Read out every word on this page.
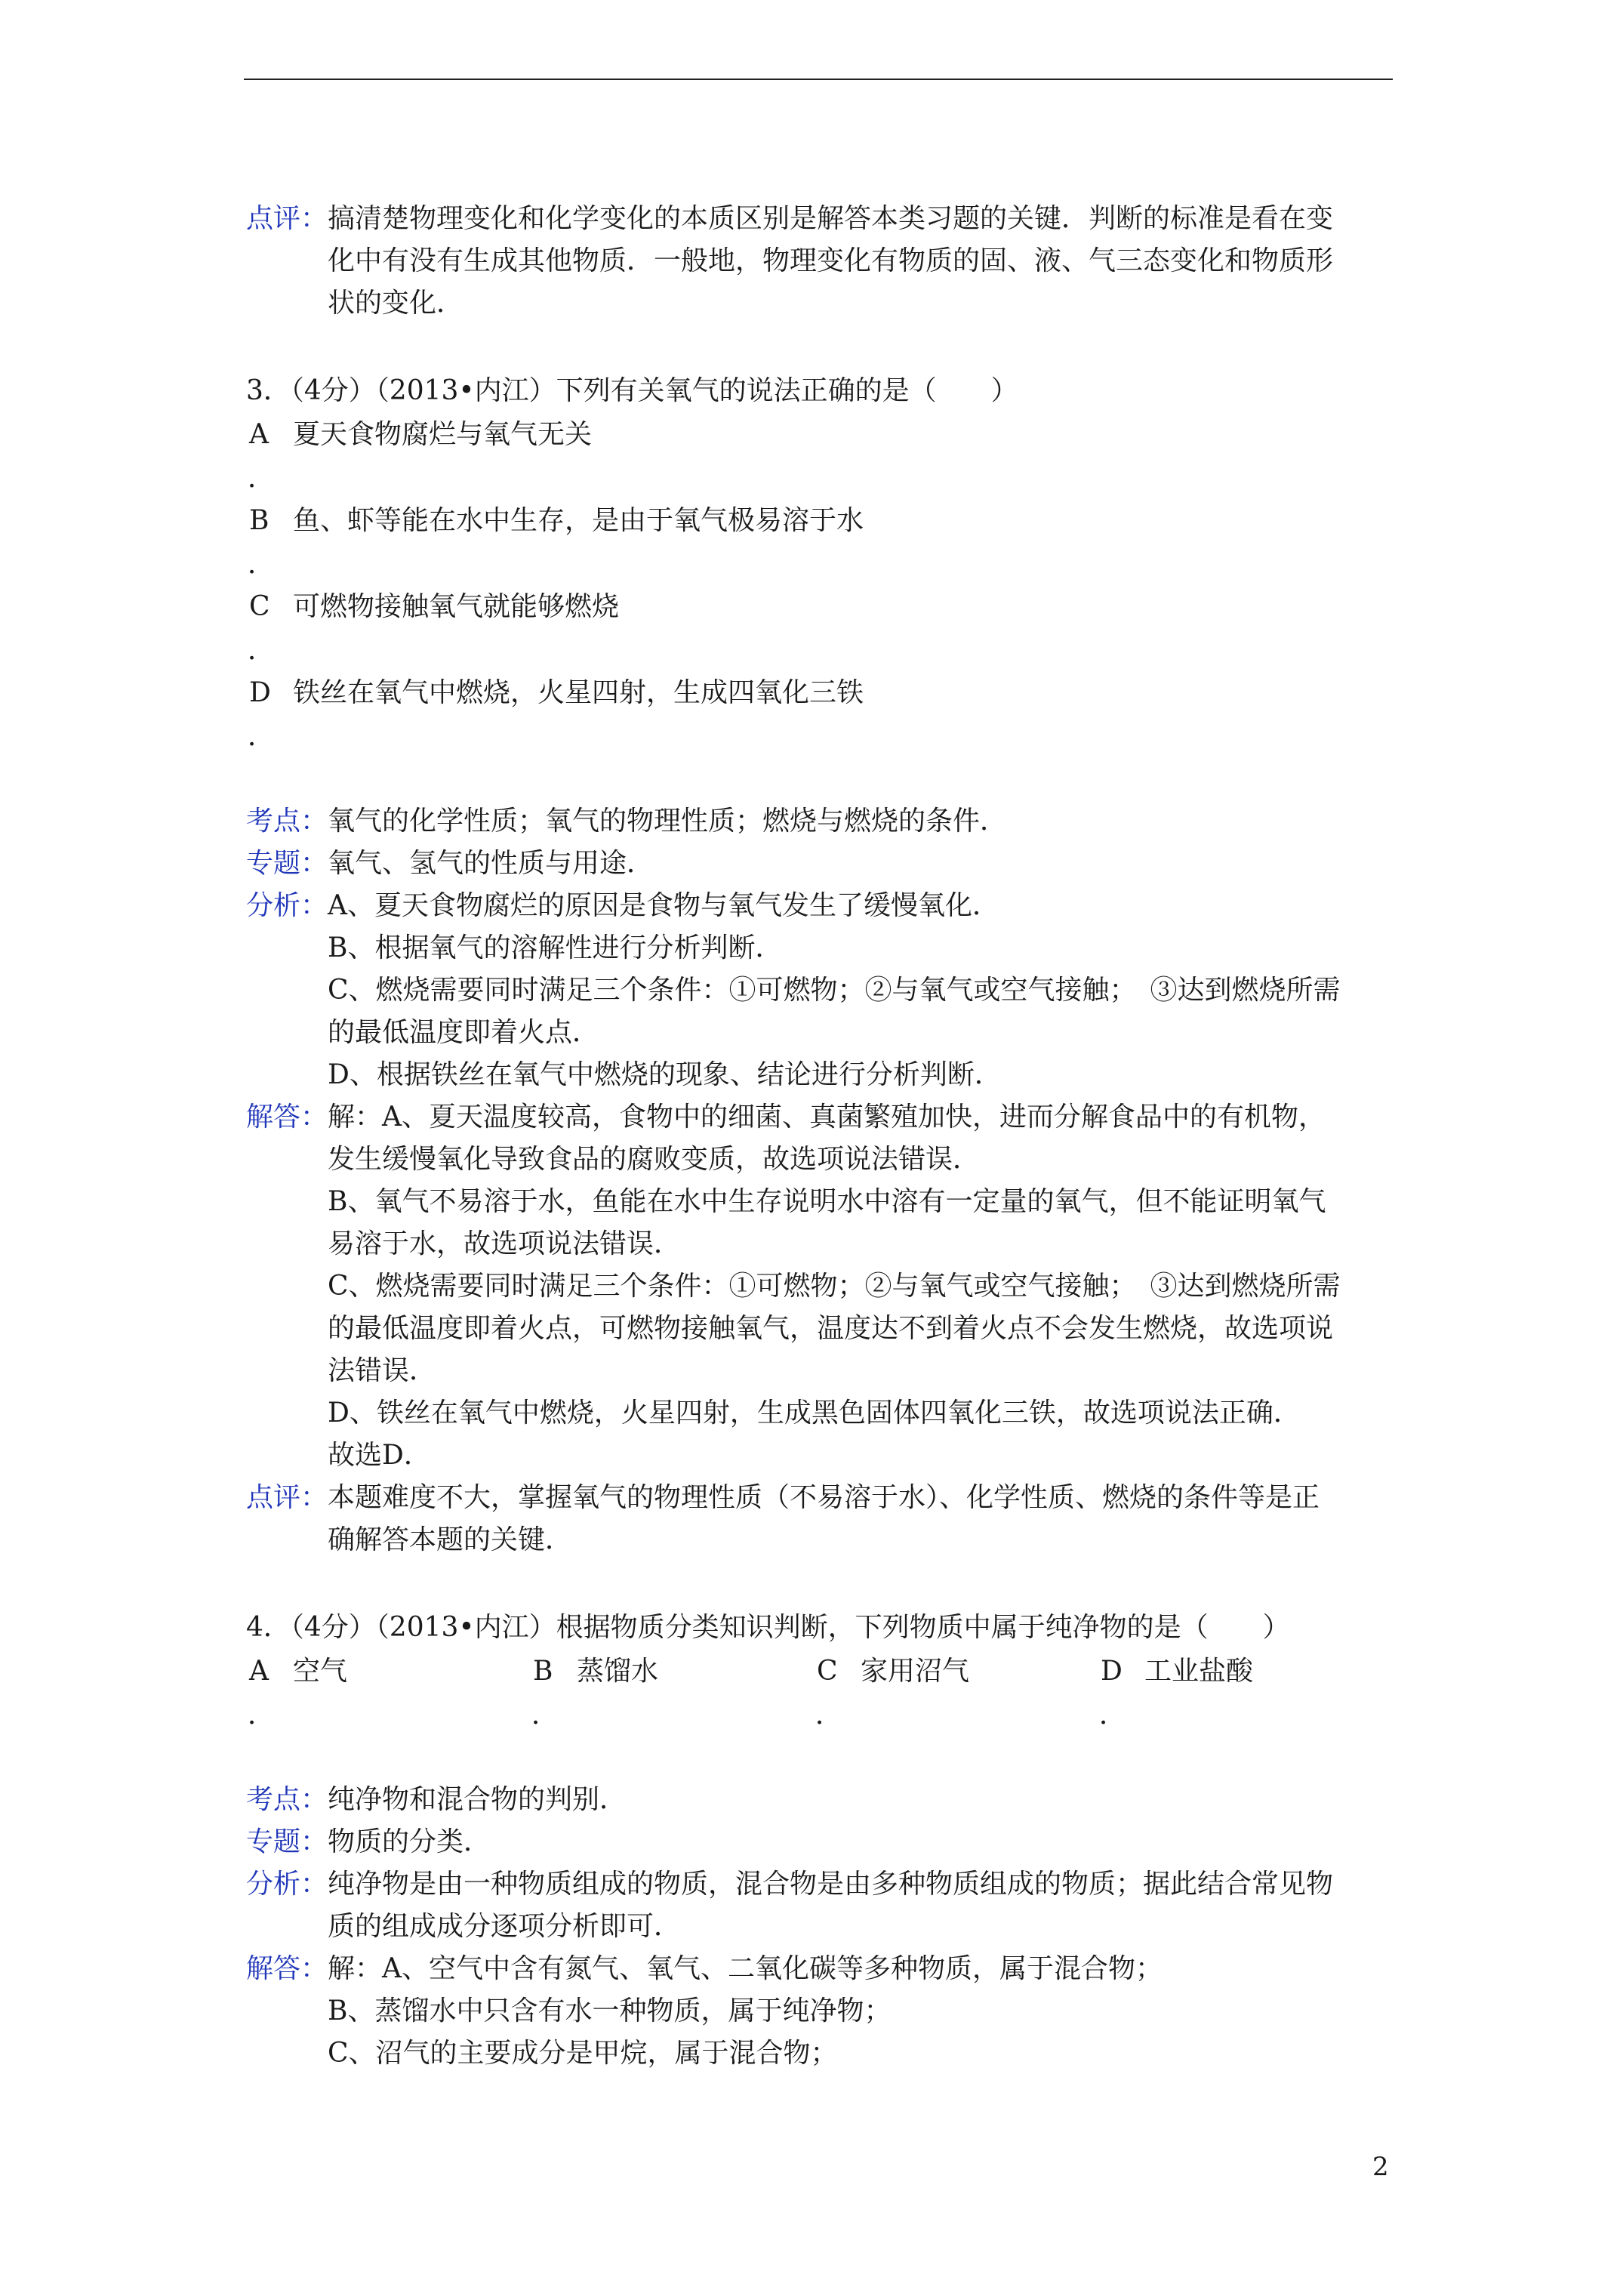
点评： 搞清楚物理变化和化学变化的本质区别是解答本类习题的关键．判断的标准是看在变
化中有没有生成其他物质．一般地，物理变化有物质的固、液、气三态变化和物质形
状的变化．
3．（4分）（2013•内江）下列有关氧气的说法正确的是（　　）
A 夏天食物腐烂与氧气无关
．
B 鱼、虾等能在水中生存，是由于氧气极易溶于水
．
C 可燃物接触氧气就能够燃烧
．
D 铁丝在氧气中燃烧，火星四射，生成四氧化三铁
．
考点： 氧气的化学性质；氧气的物理性质；燃烧与燃烧的条件．
专题： 氧气、氢气的性质与用途．
分析： A、夏天食物腐烂的原因是食物与氧气发生了缓慢氧化．
B、根据氧气的溶解性进行分析判断．
C、燃烧需要同时满足三个条件：①可燃物；②与氧气或空气接触；　③达到燃烧所需
的最低温度即着火点．
D、根据铁丝在氧气中燃烧的现象、结论进行分析判断．
解答： 解：A、夏天温度较高，食物中的细菌、真菌繁殖加快，进而分解食品中的有机物，
发生缓慢氧化导致食品的腐败变质，故选项说法错误．
B、氧气不易溶于水，鱼能在水中生存说明水中溶有一定量的氧气，但不能证明氧气
易溶于水，故选项说法错误．
C、燃烧需要同时满足三个条件：①可燃物；②与氧气或空气接触；　③达到燃烧所需
的最低温度即着火点，可燃物接触氧气，温度达不到着火点不会发生燃烧，故选项说
法错误．
D、铁丝在氧气中燃烧，火星四射，生成黑色固体四氧化三铁，故选项说法正确．
故选D．
点评： 本题难度不大，掌握氧气的物理性质（不易溶于水）、化学性质、燃烧的条件等是正
确解答本题的关键．
4．（4分）（2013•内江）根据物质分类知识判断，下列物质中属于纯净物的是（　　）
A 空气
．
B 蒸馏水
．
C 家用沼气
．
D 工业盐酸
．
考点： 纯净物和混合物的判别．
专题： 物质的分类．
分析： 纯净物是由一种物质组成的物质，混合物是由多种物质组成的物质；据此结合常见物
质的组成成分逐项分析即可．
解答： 解：A、空气中含有氮气、氧气、二氧化碳等多种物质，属于混合物；
B、蒸馏水中只含有水一种物质，属于纯净物；
C、沼气的主要成分是甲烷，属于混合物；
2
